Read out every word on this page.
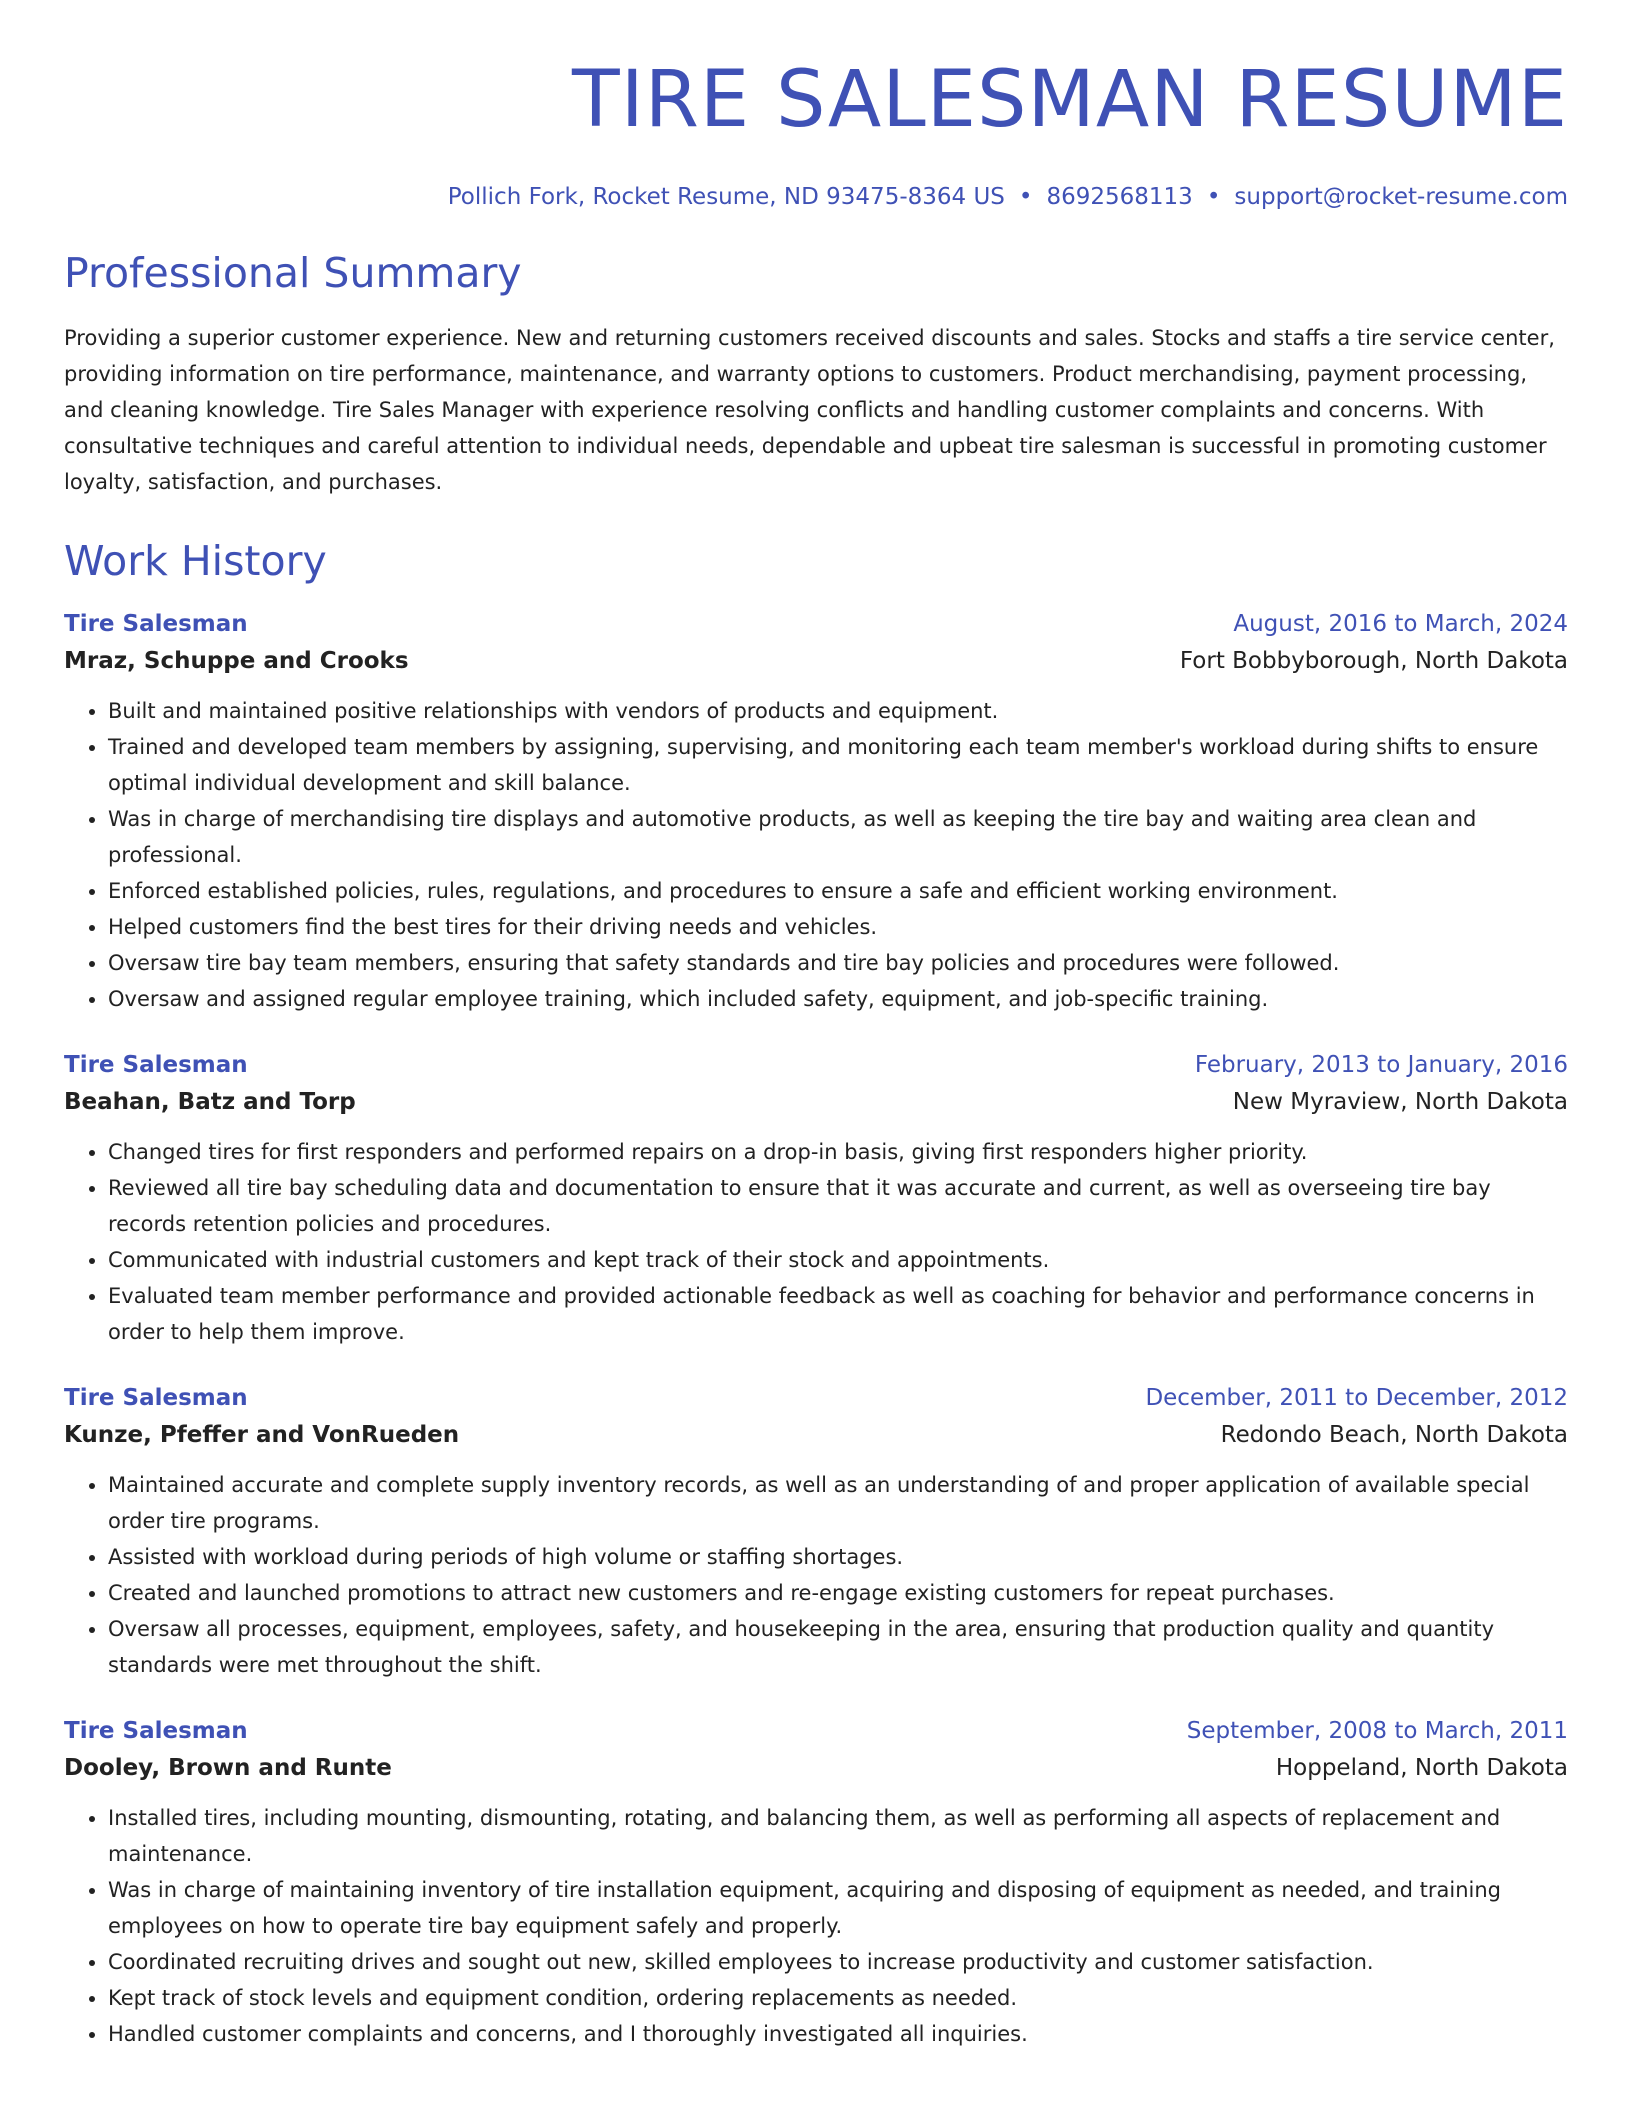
TIRE SALESMAN RESUME
Pollich Fork, Rocket Resume, ND 93475-8364 US • 8692568113 • support@rocket-resume.com
Professional Summary

Providing a superior customer experience. New and returning customers received discounts and sales. Stocks and staffs a tire service center, providing information on tire performance, maintenance, and warranty options to customers. Product merchandising, payment processing, and cleaning knowledge. Tire Sales Manager with experience resolving conflicts and handling customer complaints and concerns. With consultative techniques and careful attention to individual needs, dependable and upbeat tire salesman is successful in promoting customer loyalty, satisfaction, and purchases.

Work History
Tire Salesman	August, 2016 to March, 2024
Mraz, Schuppe and Crooks	Fort Bobbyborough, North Dakota
• Built and maintained positive relationships with vendors of products and equipment.
• Trained and developed team members by assigning, supervising, and monitoring each team member's workload during shifts to ensure optimal individual development and skill balance.
• Was in charge of merchandising tire displays and automotive products, as well as keeping the tire bay and waiting area clean and professional.
• Enforced established policies, rules, regulations, and procedures to ensure a safe and efficient working environment.
• Helped customers find the best tires for their driving needs and vehicles.
• Oversaw tire bay team members, ensuring that safety standards and tire bay policies and procedures were followed.
• Oversaw and assigned regular employee training, which included safety, equipment, and job-specific training.
Tire Salesman	February, 2013 to January, 2016
Beahan, Batz and Torp	New Myraview, North Dakota
• Changed tires for first responders and performed repairs on a drop-in basis, giving first responders higher priority.
• Reviewed all tire bay scheduling data and documentation to ensure that it was accurate and current, as well as overseeing tire bay records retention policies and procedures.
• Communicated with industrial customers and kept track of their stock and appointments.
• Evaluated team member performance and provided actionable feedback as well as coaching for behavior and performance concerns in order to help them improve.
Tire Salesman	December, 2011 to December, 2012
Kunze, Pfeffer and VonRueden	Redondo Beach, North Dakota
• Maintained accurate and complete supply inventory records, as well as an understanding of and proper application of available special order tire programs.
• Assisted with workload during periods of high volume or staffing shortages.
• Created and launched promotions to attract new customers and re-engage existing customers for repeat purchases.
• Oversaw all processes, equipment, employees, safety, and housekeeping in the area, ensuring that production quality and quantity standards were met throughout the shift.
Tire Salesman	September, 2008 to March, 2011
Dooley, Brown and Runte	Hoppeland, North Dakota
• Installed tires, including mounting, dismounting, rotating, and balancing them, as well as performing all aspects of replacement and maintenance.
• Was in charge of maintaining inventory of tire installation equipment, acquiring and disposing of equipment as needed, and training employees on how to operate tire bay equipment safely and properly.
• Coordinated recruiting drives and sought out new, skilled employees to increase productivity and customer satisfaction.
• Kept track of stock levels and equipment condition, ordering replacements as needed.
• Handled customer complaints and concerns, and I thoroughly investigated all inquiries.
